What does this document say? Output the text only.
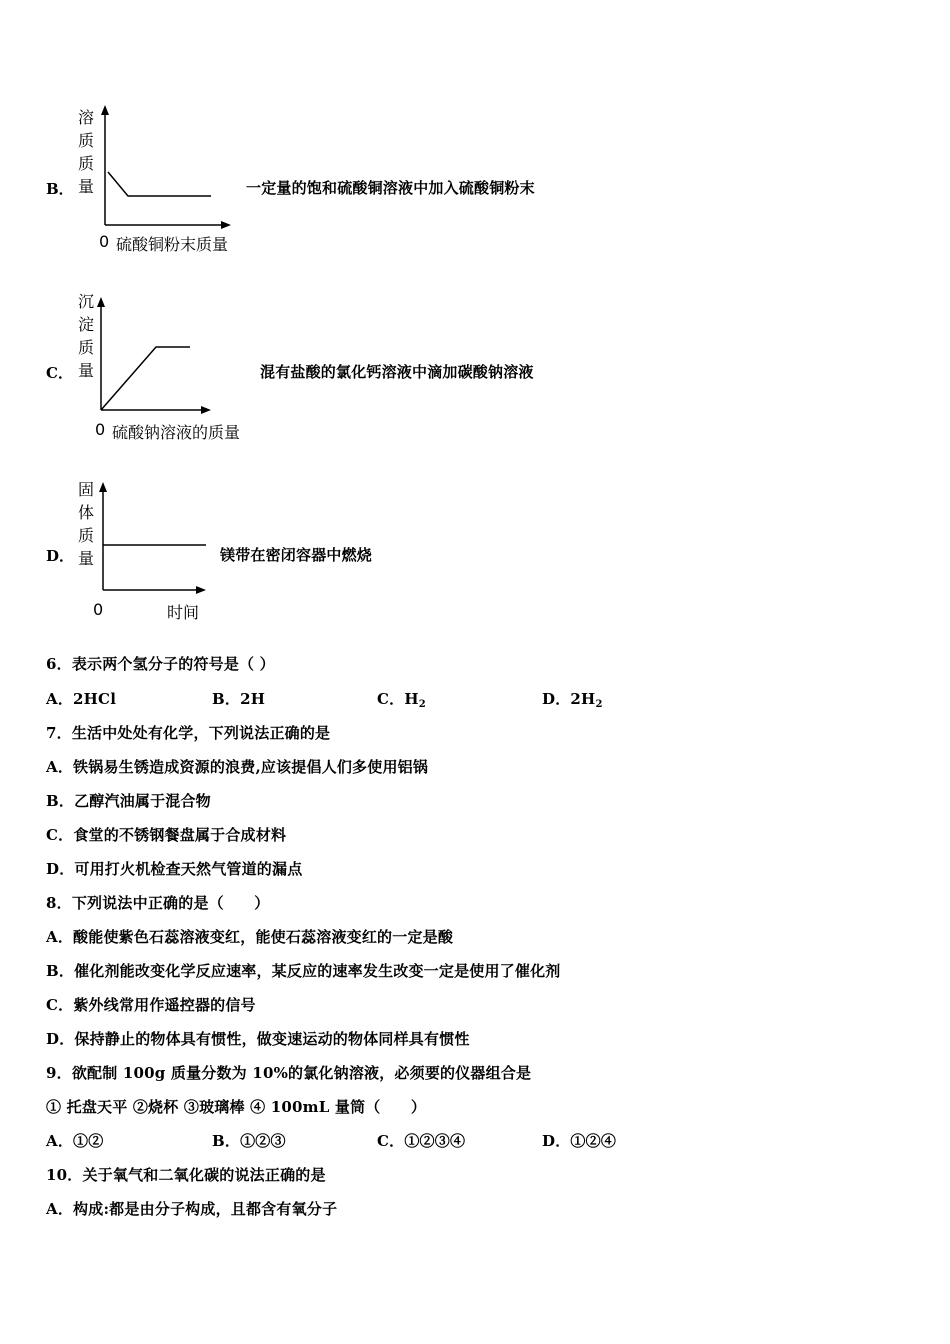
B．
溶
质
质
量
0 硫酸铜粉末质量
一定量的饱和硫酸铜溶液中加入硫酸铜粉末
C．
沉
淀
质
量
0 硫酸钠溶液的质量
混有盐酸的氯化钙溶液中滴加碳酸钠溶液
D．
固
体
质
量
0	时间
镁带在密闭容器中燃烧
6．表示两个氢分子的符号是（ ）
A．2HCl	B．2H	C．$H_2$	D．$2H_2$
7．生活中处处有化学，下列说法正确的是
A．铁锅易生锈造成资源的浪费,应该提倡人们多使用铝锅
B．乙醇汽油属于混合物
C．食堂的不锈钢餐盘属于合成材料
D．可用打火机检查天然气管道的漏点
8．下列说法中正确的是（　　）
A．酸能使紫色石蕊溶液变红，能使石蕊溶液变红的一定是酸
B．催化剂能改变化学反应速率，某反应的速率发生改变一定是使用了催化剂
C．紫外线常用作遥控器的信号
D．保持静止的物体具有惯性，做变速运动的物体同样具有惯性
9．欲配制 100g 质量分数为 10%的氯化钠溶液，必须要的仪器组合是
① 托盘天平 ②烧杯 ③玻璃棒 ④ 100mL 量筒（　　）
A．①②	B．①②③	C．①②③④	D．①②④
10．关于氧气和二氧化碳的说法正确的是
A．构成:都是由分子构成，且都含有氧分子
